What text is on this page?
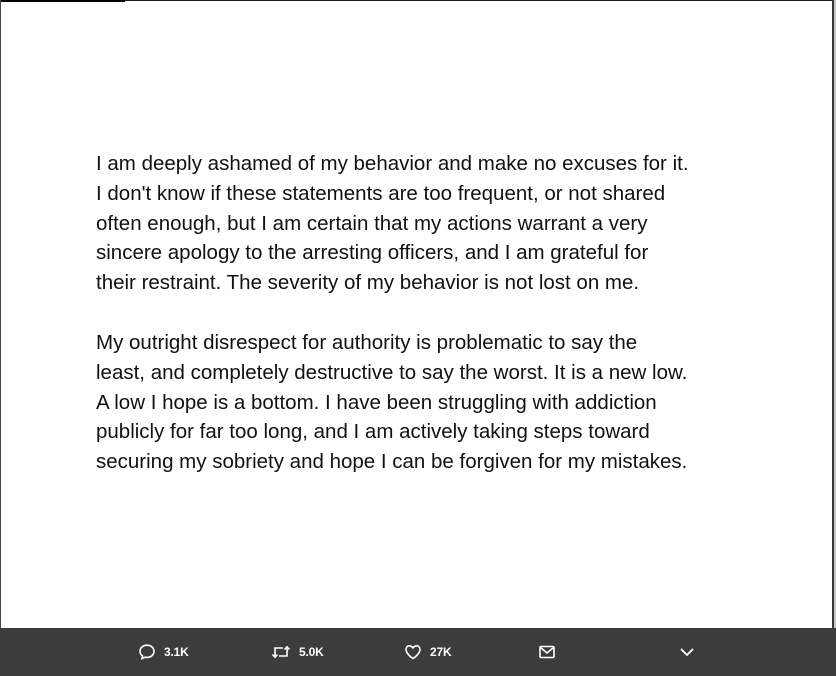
I am deeply ashamed of my behavior and make no excuses for it.
I don't know if these statements are too frequent, or not shared
often enough, but I am certain that my actions warrant a very
sincere apology to the arresting officers, and I am grateful for
their restraint. The severity of my behavior is not lost on me.

My outright disrespect for authority is problematic to say the
least, and completely destructive to say the worst. It is a new low.
A low I hope is a bottom. I have been struggling with addiction
publicly for far too long, and I am actively taking steps toward
securing my sobriety and hope I can be forgiven for my mistakes.

3.1K	5.0K	27K
